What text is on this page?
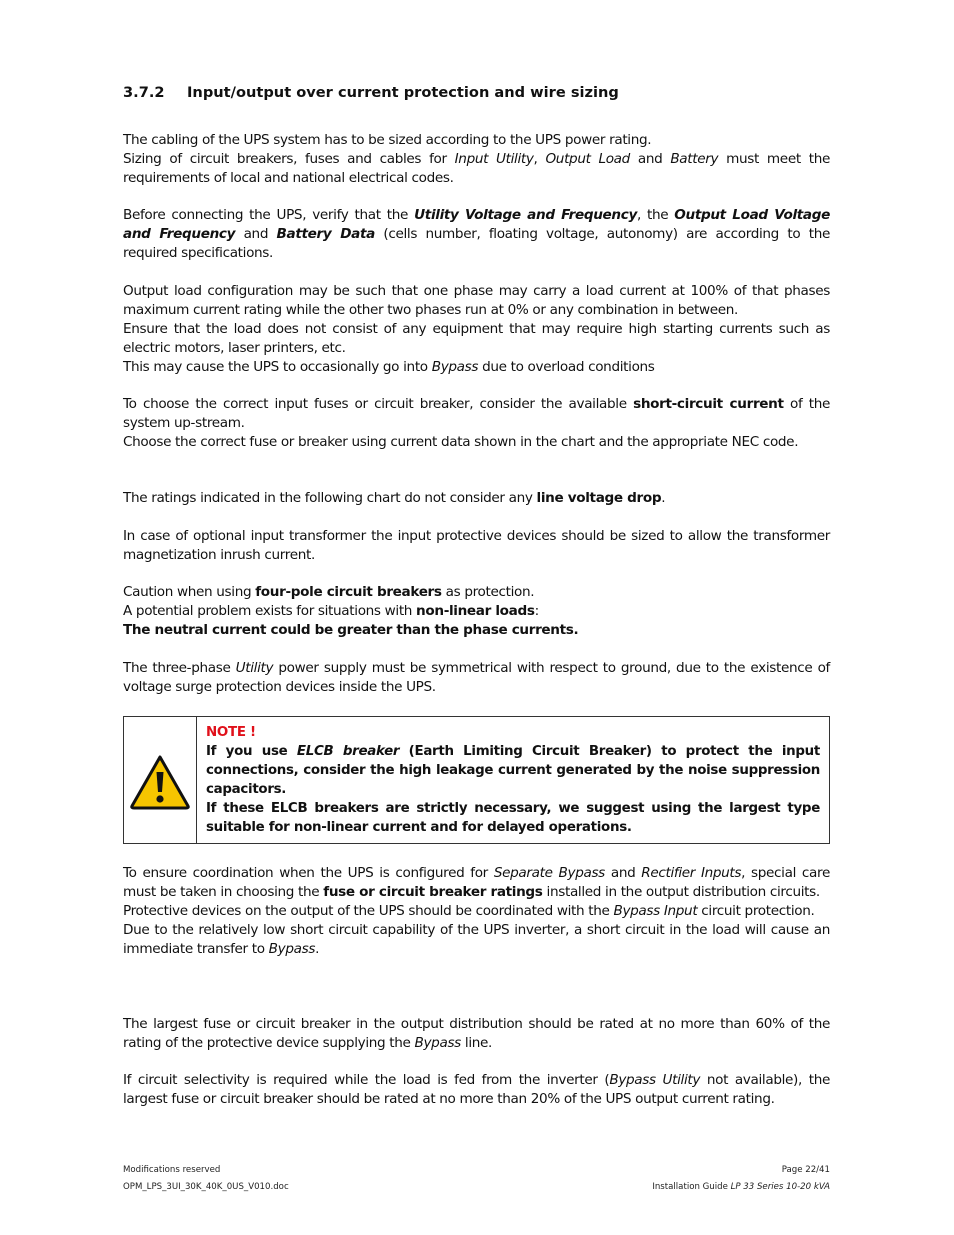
3.7.2 Input/output over current protection and wire sizing

The cabling of the UPS system has to be sized according to the UPS power rating.

Sizing of circuit breakers, fuses and cables for Input Utility, Output Load and Battery must meet the requirements of local and national electrical codes.

Before connecting the UPS, verify that the Utility Voltage and Frequency, the Output Load Voltage and Frequency and Battery Data (cells number, floating voltage, autonomy) are according to the required specifications.

Output load configuration may be such that one phase may carry a load current at 100% of that phases maximum current rating while the other two phases run at 0% or any combination in between.

Ensure that the load does not consist of any equipment that may require high starting currents such as electric motors, laser printers, etc.

This may cause the UPS to occasionally go into Bypass due to overload conditions

To choose the correct input fuses or circuit breaker, consider the available short-circuit current of the system up-stream.

Choose the correct fuse or breaker using current data shown in the chart and the appropriate NEC code.

The ratings indicated in the following chart do not consider any line voltage drop.

In case of optional input transformer the input protective devices should be sized to allow the transformer magnetization inrush current.

Caution when using four-pole circuit breakers as protection.

A potential problem exists for situations with non-linear loads:

The neutral current could be greater than the phase currents.

The three-phase Utility power supply must be symmetrical with respect to ground, due to the existence of voltage surge protection devices inside the UPS.

NOTE !

If you use ELCB breaker (Earth Limiting Circuit Breaker) to protect the input connections, consider the high leakage current generated by the noise suppression capacitors.

If these ELCB breakers are strictly necessary, we suggest using the largest type suitable for non-linear current and for delayed operations.

To ensure coordination when the UPS is configured for Separate Bypass and Rectifier Inputs, special care must be taken in choosing the fuse or circuit breaker ratings installed in the output distribution circuits.

Protective devices on the output of the UPS should be coordinated with the Bypass Input circuit protection.

Due to the relatively low short circuit capability of the UPS inverter, a short circuit in the load will cause an immediate transfer to Bypass.

The largest fuse or circuit breaker in the output distribution should be rated at no more than 60% of the rating of the protective device supplying the Bypass line.

If circuit selectivity is required while the load is fed from the inverter (Bypass Utility not available), the largest fuse or circuit breaker should be rated at no more than 20% of the UPS output current rating.

Modifications reserved	Page 22/41
OPM_LPS_3UI_30K_40K_0US_V010.doc	Installation Guide LP 33 Series 10-20 kVA
